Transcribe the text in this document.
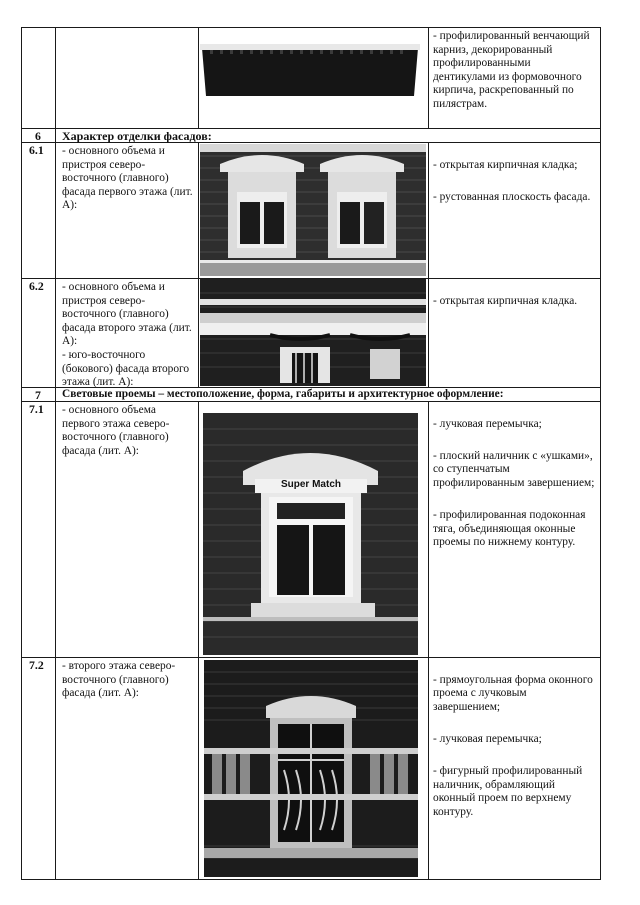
- профилированный венчающий карниз, декорированный профилированными дентикулами из формовочного кирпича, раскрепованный по пилястрам.
6 Характер отделки фасадов:
6.1 - основного объема и пристроя северо-восточного (главного) фасада первого этажа (лит. А):

- открытая кирпичная кладка;

- рустованная плоскость фасада.

6.2 - основного объема и пристроя северо-восточного (главного) фасада второго этажа (лит. А):
- юго-восточного (бокового) фасада второго этажа (лит. А):

- открытая кирпичная кладка.

7 Световые проемы – местоположение, форма, габариты и архитектурное оформление:
7.1 - основного объема первого этажа северо-восточного (главного) фасада (лит. А):
Super Match

- лучковая перемычка;

- плоский наличник с «ушками», со ступенчатым профилированным завершением;

- профилированная подоконная тяга, объединяющая оконные проемы по нижнему контуру.

7.2 - второго этажа северо-восточного (главного) фасада (лит. А):

- прямоугольная форма оконного проема с лучковым завершением;

- лучковая перемычка;

- фигурный профилированный наличник, обрамляющий оконный проем по верхнему контуру.
